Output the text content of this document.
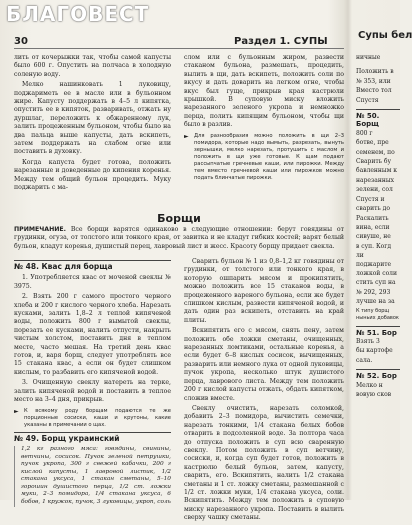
БЛАГОВЕСТ
30	Раздел 1. СУПЫ
Супы бел

лить от кочерыжки так, чтобы самой капусты было 600 г. Опустить на полчаса в холодную соленую воду.

Мелко нашинковать 1 луковицу, поджариметь ее в масле или в бульонном жире. Капусту поддержать в 4–5 л кипятка, опустить ее в кипяток, разваривать, отжать ну дуршлаг, переложить к обжаренному лук, залить процеженным бульоном, чтобы было на два пальца выше капусты, дать вскипеть, затем поддержать на слабом огне или поставить в духовку.

Когда капуста будет готова, положить нарезанные и доведенные до кипения коренья. Между тем общий бульон процедить. Муку поджарить с ма-

слом или с бульонным жиром, развести стаканом бульона, размешать, процедить, вылить в щи, дать вскипеть, положить соли по вкусу и дать доварить на легком огне, чтобы вкус был гуще, прикрыв края кастрюли крышкой. В суповую миску вложить нарезанного зеленого укропа и немножко перца, полить кипящим бульоном, чтобы щи было в разлив.

► Для разнообразия можно положить в щи 2–3 помидора, которые надо вымыть, разрезать, вынуть зернышки, мелко нарезать, протушить с маслом и положить в щи уже готовые. К щам подают рассыпчатые гречневые каши, или пирожки. Между тем вместо гречневой каши или пирожков можно подать блинчатые пирожки.
Борщи
ПРИМЕЧАНИЕ. Все борщи варятся одинаково в следующие отношении: берут говядины от грудинки, огуза, от толстого или тонкого края, от завитка и не кладут гибких костей; варят белый бульон, кладут коренья, душистый перец, лавровый лист и жесс. Красоту борщу придает свекла.
№ 48. Квас для борща

1. Употребляется квас от моченой свеклы № 3975.

2. Взять 200 г самого простого черного хлеба и 200 г кислого черного хлеба. Нарезать кусками, залить 1,8–2 л теплой кипяченой воды, положить 800 г вымытой свеклы, порезать ее кусками, налить отпусти, накрыть чистым холстом, поставить дня в теплом месте, часто мешая. На третий день квас готов, и, варя борщ, следует употреблять все 15 стакана квас, а если он будет слишком кислым, то разбавить его кипяченой водой.

3. Очищенную свеклу натереть на терке, залить кипяченой водой и поставить в теплое место на 3–4 дня, прикрыв.

► К всякому роду борщам подаются те же порционные сосиски, каши и крутоны, какие указаны в примечании о щах.
№ 49. Борщ украинский
1,2 кг разного мяса: говядины, свинины, ветчины, сосисок. Пучок зеленой петрушки, пучок укропа, 300 г свежей кабачки, 200 г кислой капусты, 1 лавровой листик, 1/2 стакана уксуса, 1 стакан сметаны, 5–10 горошин душистого перца, 1/2 ст. ложки муки, 2–3 помидора, 1/4 стакана уксуса, 6 бобов, 1 кружок, пучок, 3 луковицы, укроп, соль

Сварить бульон № 1 из 0,8–1,2 кг говядины от грудинки, от толстого или тонкого края, в которую ошпарить мясом и прокипятить, можно положить все 15 стаканов воды, в процеженного вареного бульона, если же будет слишком кислым, развести кипяченой водой, и дать один раз вскипеть, отставить на край плиты.

Вскипятить его с мясом, снять пену, затем положить обе ложки сметаны, очищенных, нарезанных ломтиками, остальные коренья, а если будет 6–8 кислых сосисок, вычищенных, разварить или немного лука от одной луковицы, пучок укропа, несколько штук душистого перца, лаврового листа. Между тем положить 200 г кислой капусты отжать, обдать кипятком, сложив вместе.

Свеклу очистить, нарезать соломкой, добавить 2–3 помидора, вычистить семечки, нарезать тонкими, 1/4 стакана белых бобов отварить в подсоленной воде. За полтора часа до отпуска положить в суп всю сваренную свеклу. Потом положить в суп ветчину, сосиски, и, когда суп будет готов, положить в кастрюлю белый бульон, затем, капусту, сварить, его. Вскипятить, налить 1/2 стакана сметаны и 1 ст. ложку сметаны, размешанной с 1/2 ст. ложки муки, 1/4 стакана уксуса, соли. Вскипятить. Между тем положить в суповую миску нарезанного укропа. Поставить в вылить сверху чашку сметаны.

ничные

Положить в

№ 353, или

Вместо тол

Спустя

№ 50. Борщ

800 г

ботве, пре

семенем, по

Сварить бу

бавленным к

нарезанных

зелени, сол

Спустя и

сварить до

Раскалить

вина, если

сивуше, не

в суп. Когд

ли поджарите

ложкой соли

стить суп на

№ 292, 293

лучше на за

К типу борщ

ныньих добавок

№ 51. Бор

Взять 3

бы картофе

сала.

№ 52. Бор

Мелко н

вовую сков
